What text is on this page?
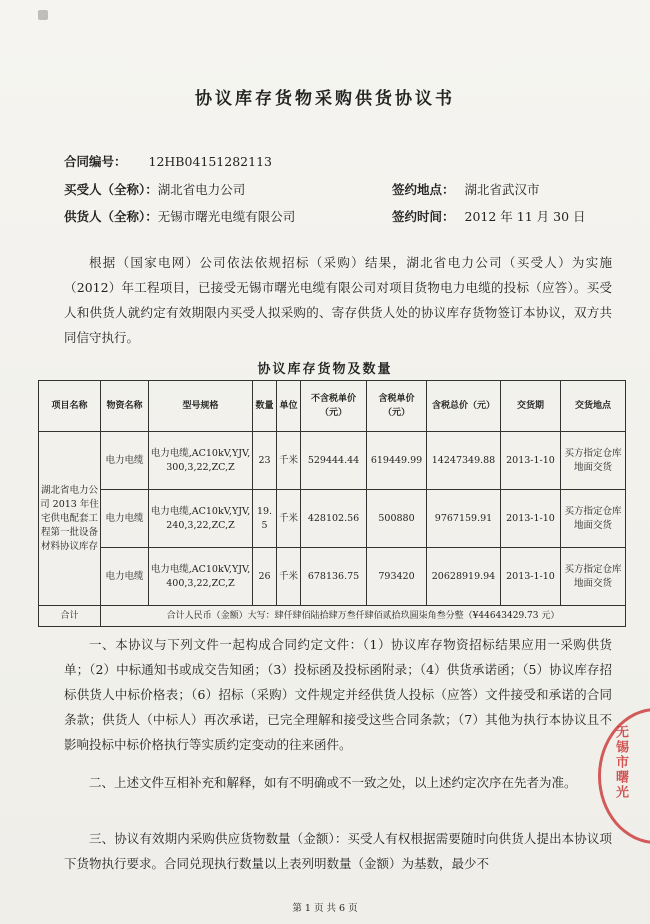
协议库存货物采购供货协议书
合同编号： 12HB04151282113
买受人（全称）：湖北省电力公司	签约地点： 湖北省武汉市
供货人（全称）：无锡市曙光电缆有限公司	签约时间： 2012 年 11 月 30 日
根据（国家电网）公司依法依规招标（采购）结果，湖北省电力公司（买受人）为实施（2012）年工程项目，已接受无锡市曙光电缆有限公司对项目货物电力电缆的投标（应答）。买受人和供货人就约定有效期限内买受人拟采购的、寄存供货人处的协议库存货物签订本协议，双方共同信守执行。
协议库存货物及数量
项目名称	物资名称	型号规格	数量	单位	不含税单价（元）	含税单价（元）	含税总价（元）	交货期	交货地点
湖北省电力公司 2013 年住宅供电配套工程第一批设备材料协议库存	电力电缆	电力电缆,AC10kV,YJV,300,3,22,ZC,Z	23	千米	529444.44	619449.99	14247349.88	2013-1-10	买方指定仓库地面交货
	电力电缆	电力电缆,AC10kV,YJV,240,3,22,ZC,Z	19.5	千米	428102.56	500880	9767159.91	2013-1-10	买方指定仓库地面交货
	电力电缆	电力电缆,AC10kV,YJV,400,3,22,ZC,Z	26	千米	678136.75	793420	20628919.94	2013-1-10	买方指定仓库地面交货
合计	合计人民币（金额）大写：肆仟肆佰陆拾肆万叁仟肆佰贰拾玖圆柒角叁分整（¥44643429.73 元）								
一、本协议与下列文件一起构成合同约定文件：（1）协议库存物资招标结果应用一采购供货单；（2）中标通知书或成交告知函；（3）投标函及投标函附录；（4）供货承诺函；（5）协议库存招标供货人中标价格表；（6）招标（采购）文件规定并经供货人投标（应答）文件接受和承诺的合同条款；供货人（中标人）再次承诺，已完全理解和接受这些合同条款；（7）其他为执行本协议且不影响投标中标价格执行等实质约定变动的往来函件。
二、上述文件互相补充和解释，如有不明确或不一致之处，以上述约定次序在先者为准。
三、协议有效期内采购供应货物数量（金额）：买受人有权根据需要随时向供货人提出本协议项下货物执行要求。合同兑现执行数量以上表列明数量（金额）为基数，最少不
无锡市曙光
第 1 页 共 6 页
